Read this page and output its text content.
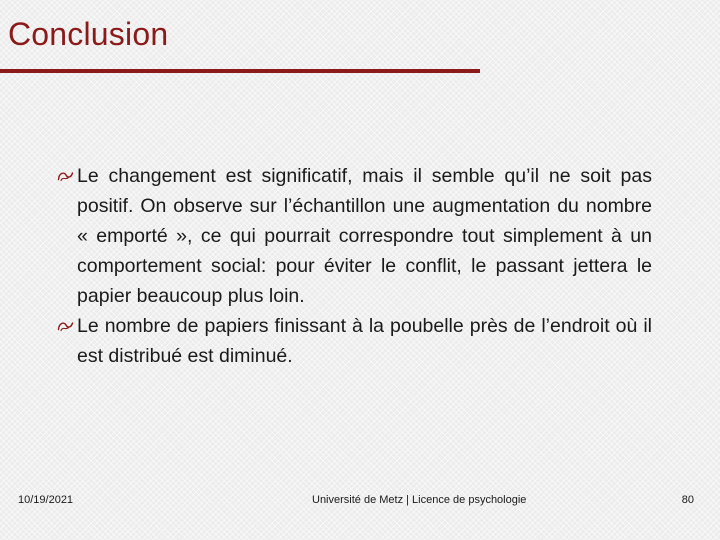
Conclusion
Le changement est significatif, mais il semble qu’il ne soit pas positif. On observe sur l’échantillon une augmentation du nombre « emporté », ce qui pourrait correspondre tout simplement à un comportement social: pour éviter le conflit, le passant jettera le papier beaucoup plus loin.
Le nombre de papiers finissant à la poubelle près de l’endroit où il est distribué est diminué.
10/19/2021	Université de Metz | Licence de psychologie	80
